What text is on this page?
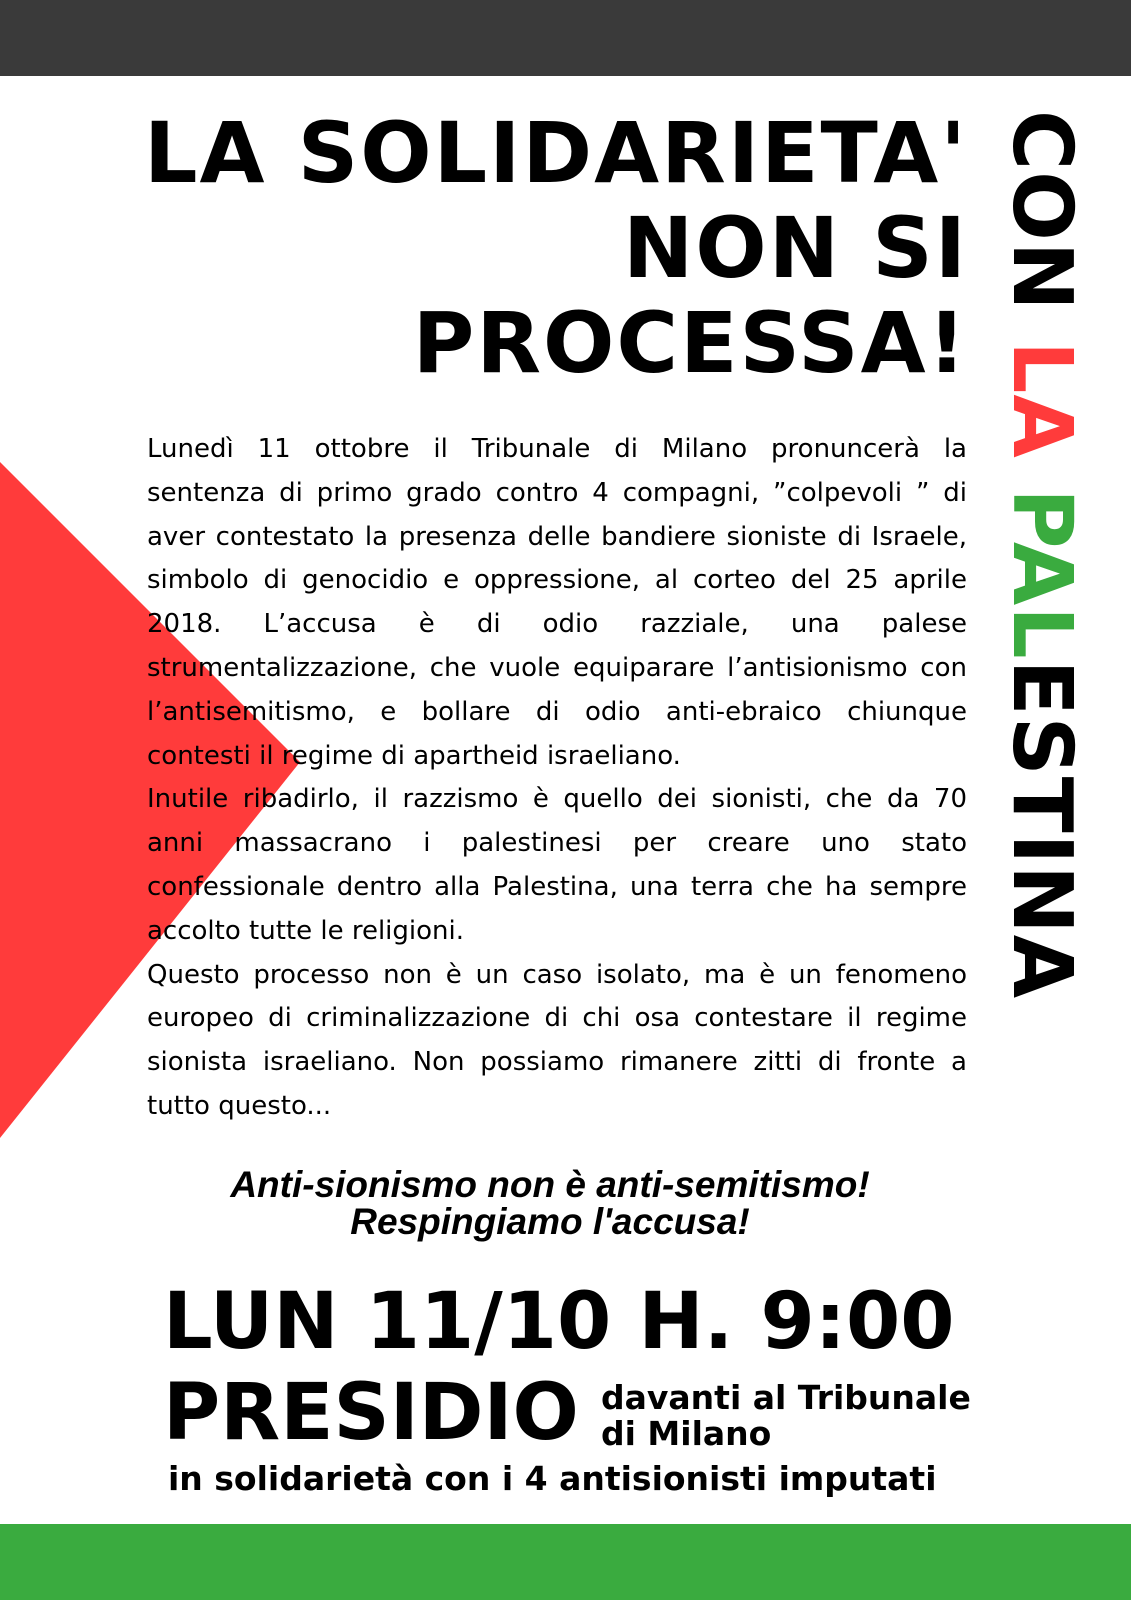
LA SOLIDARIETA'
NON SI
PROCESSA!
CON LA PALESTINA

Lunedì 11 ottobre il Tribunale di Milano pronuncerà la sentenza di primo grado contro 4 compagni, ”colpevoli ” di aver contestato la presenza delle bandiere sioniste di Israele, simbolo di genocidio e oppressione, al corteo del 25 aprile 2018. L’accusa è di odio razziale, una palese strumentalizzazione, che vuole equiparare l’antisionismo con l’antisemitismo, e bollare di odio anti-ebraico chiunque contesti il regime di apartheid israeliano.

Inutile ribadirlo, il razzismo è quello dei sionisti, che da 70 anni massacrano i palestinesi per creare uno stato confessionale dentro alla Palestina, una terra che ha sempre accolto tutte le religioni.

Questo processo non è un caso isolato, ma è un fenomeno europeo di criminalizzazione di chi osa contestare il regime sionista israeliano. Non possiamo rimanere zitti di fronte a tutto questo...

Anti-sionismo non è anti-semitismo!
Respingiamo l'accusa!
LUN 11/10 H. 9:00
PRESIDIO davanti al Tribunale
di Milano
in solidarietà con i 4 antisionisti imputati
